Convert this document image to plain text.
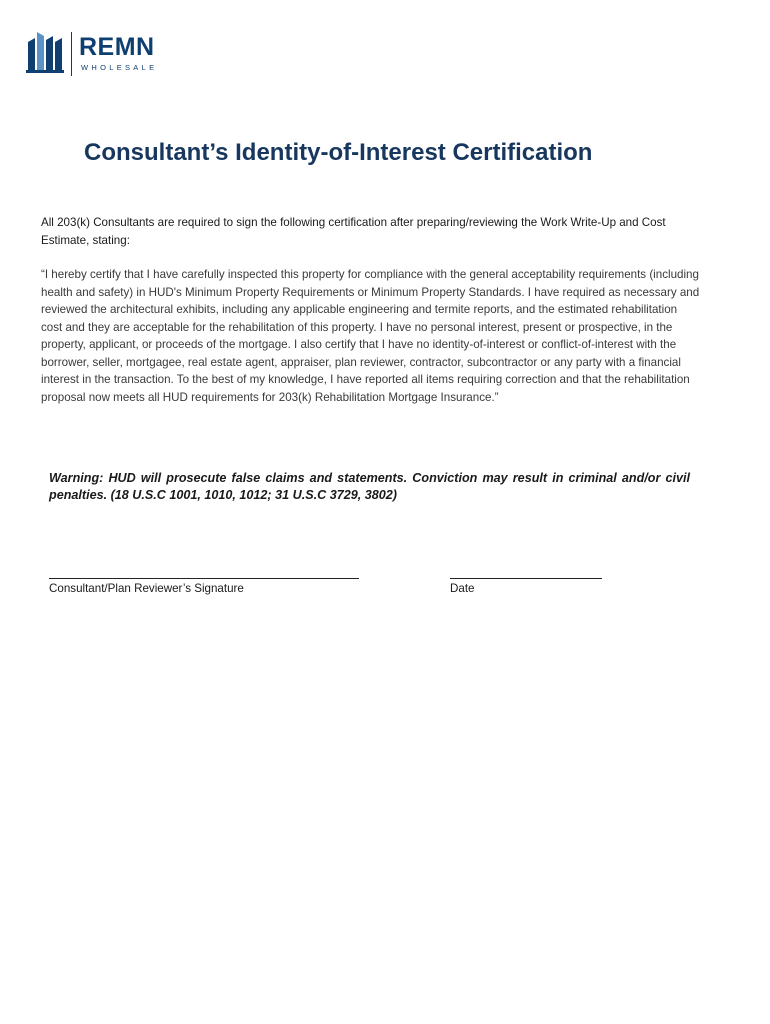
REMN
WHOLESALE
Consultant’s Identity-of-Interest Certification

All 203(k) Consultants are required to sign the following certification after preparing/reviewing the Work Write-Up and Cost Estimate, stating:

“I hereby certify that I have carefully inspected this property for compliance with the general acceptability requirements (including health and safety) in HUD's Minimum Property Requirements or Minimum Property Standards. I have required as necessary and reviewed the architectural exhibits, including any applicable engineering and termite reports, and the estimated rehabilitation cost and they are acceptable for the rehabilitation of this property. I have no personal interest, present or prospective, in the property, applicant, or proceeds of the mortgage. I also certify that I have no identity-of-interest or conflict-of-interest with the borrower, seller, mortgagee, real estate agent, appraiser, plan reviewer, contractor, subcontractor or any party with a financial interest in the transaction. To the best of my knowledge, I have reported all items requiring correction and that the rehabilitation proposal now meets all HUD requirements for 203(k) Rehabilitation Mortgage Insurance.”

Warning: HUD will prosecute false claims and statements. Conviction may result in criminal and/or civil penalties. (18 U.S.C 1001, 1010, 1012; 31 U.S.C 3729, 3802)

Consultant/Plan Reviewer’s Signature	Date
